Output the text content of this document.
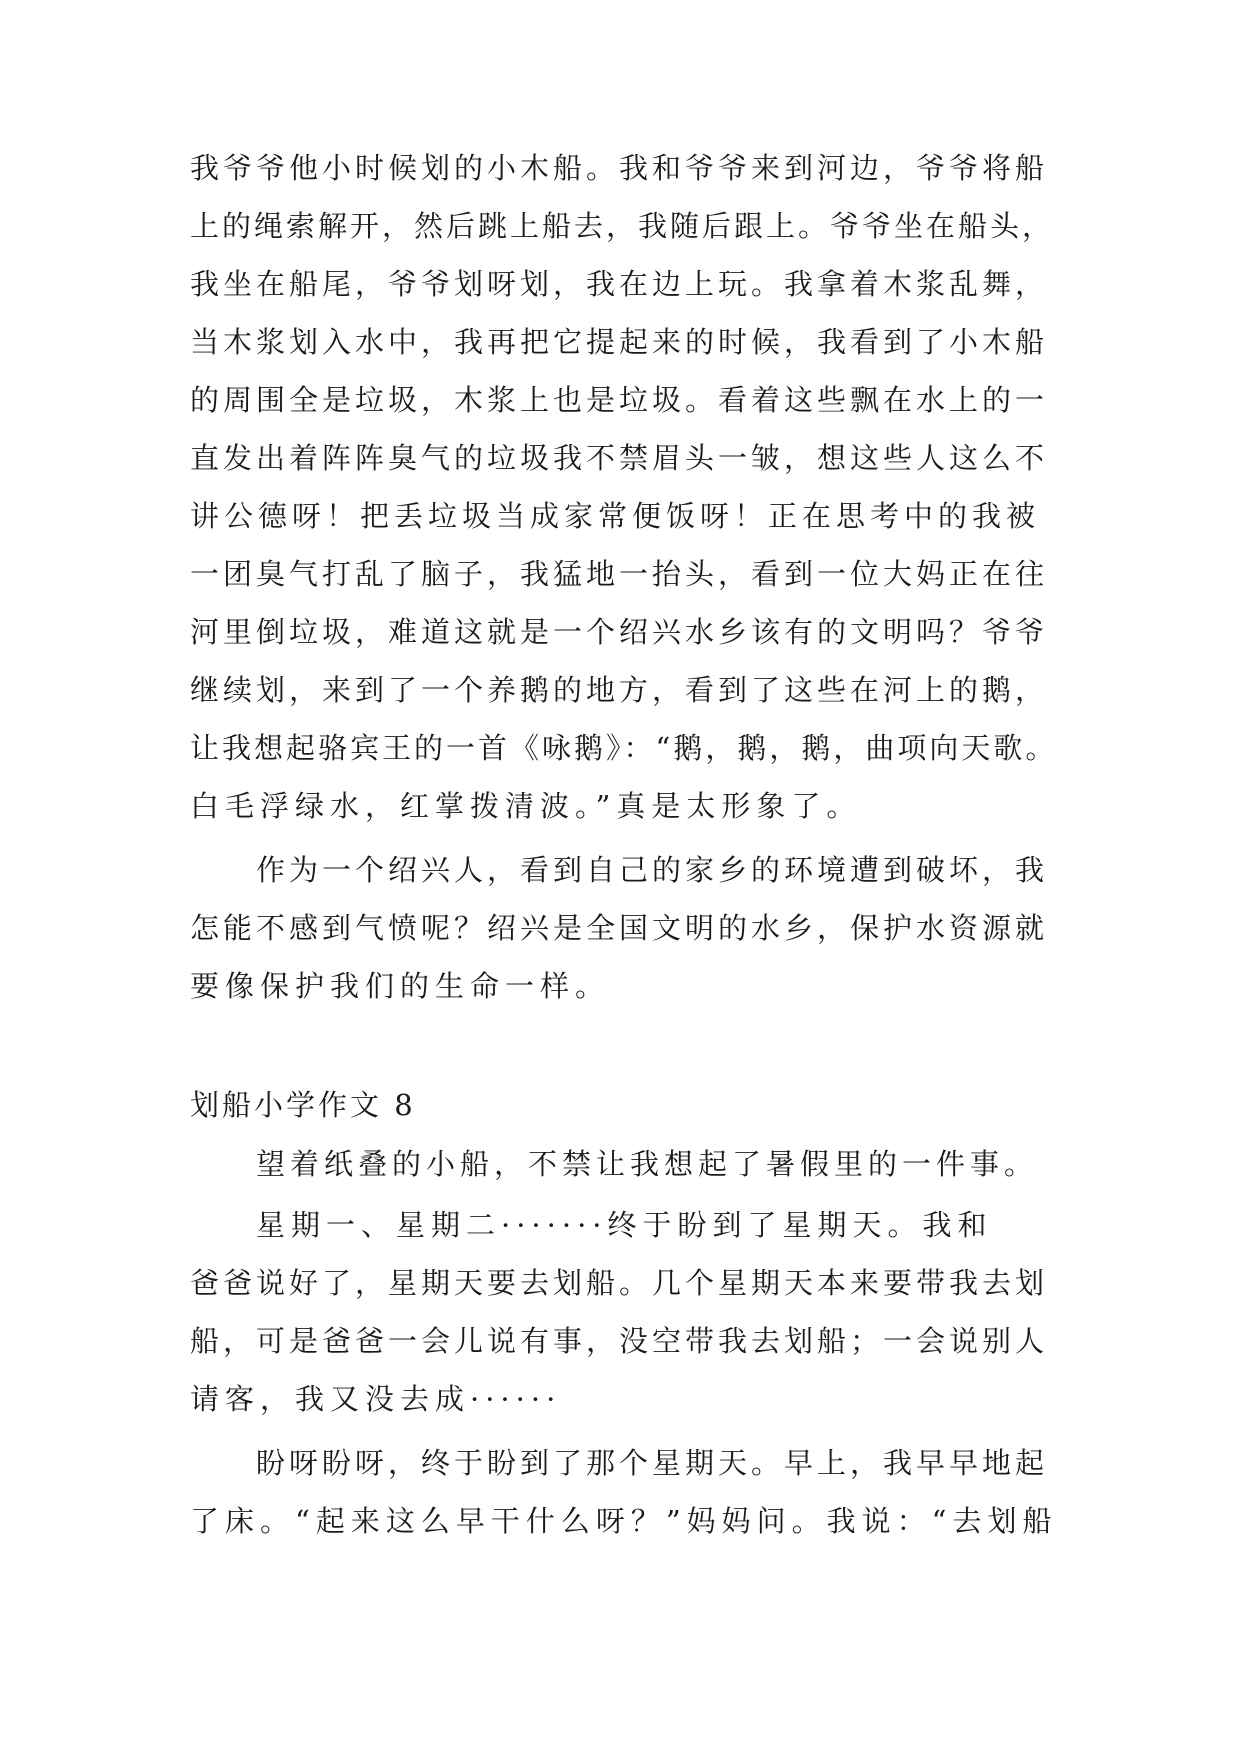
我爷爷他小时候划的小木船。我和爷爷来到河边，爷爷将船
上的绳索解开，然后跳上船去，我随后跟上。爷爷坐在船头，
我坐在船尾，爷爷划呀划，我在边上玩。我拿着木浆乱舞，
当木浆划入水中，我再把它提起来的时候，我看到了小木船
的周围全是垃圾，木浆上也是垃圾。看着这些飘在水上的一
直发出着阵阵臭气的垃圾我不禁眉头一皱，想这些人这么不
讲公德呀！把丢垃圾当成家常便饭呀！正在思考中的我被
一团臭气打乱了脑子，我猛地一抬头，看到一位大妈正在往
河里倒垃圾，难道这就是一个绍兴水乡该有的文明吗？爷爷
继续划，来到了一个养鹅的地方，看到了这些在河上的鹅，
让我想起骆宾王的一首《咏鹅》：“鹅，鹅，鹅，曲项向天歌。
白毛浮绿水，红掌拨清波。”真是太形象了。
作为一个绍兴人，看到自己的家乡的环境遭到破坏，我
怎能不感到气愤呢？绍兴是全国文明的水乡，保护水资源就
要像保护我们的生命一样。
划船小学作文 8
望着纸叠的小船，不禁让我想起了暑假里的一件事。
星期一、星期二·······终于盼到了星期天。我和
爸爸说好了，星期天要去划船。几个星期天本来要带我去划
船，可是爸爸一会儿说有事，没空带我去划船；一会说别人
请客，我又没去成······
盼呀盼呀，终于盼到了那个星期天。早上，我早早地起
了床。“起来这么早干什么呀？”妈妈问。我说：“去划船
